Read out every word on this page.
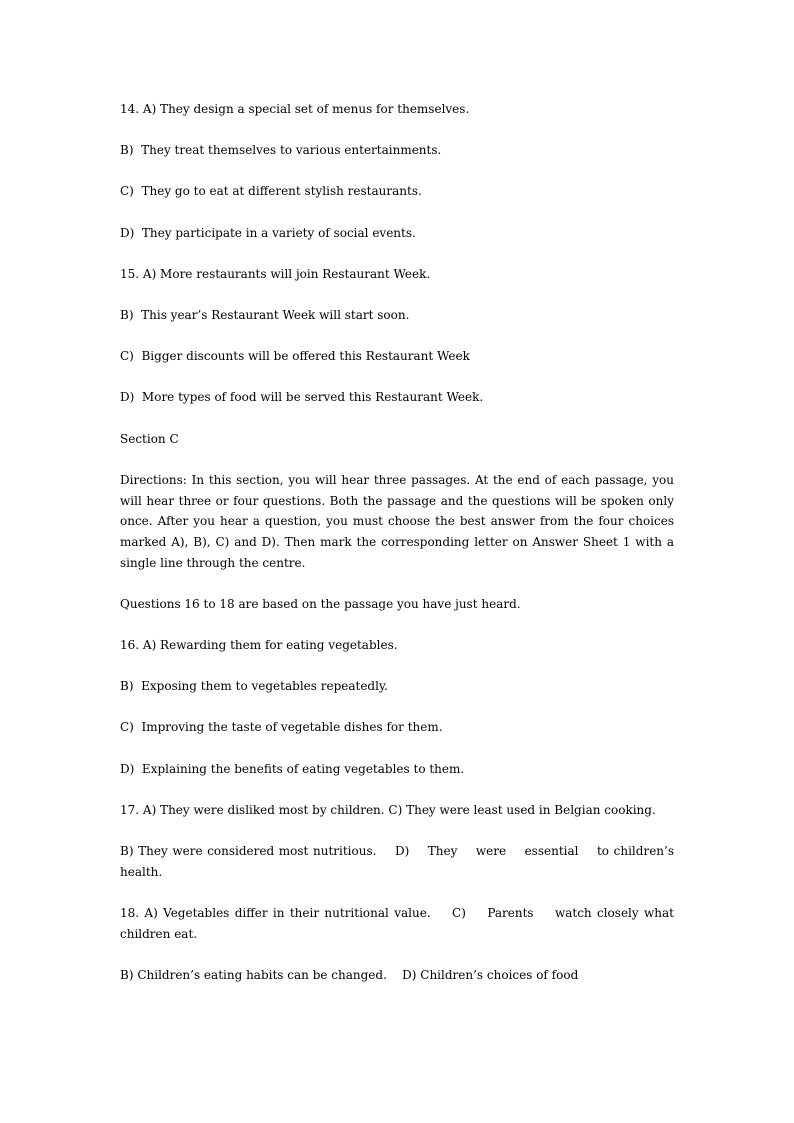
14. A) They design a special set of menus for themselves.

B)  They treat themselves to various entertainments.

C)  They go to eat at different stylish restaurants.

D)  They participate in a variety of social events.

15. A) More restaurants will join Restaurant Week.

B)  This year’s Restaurant Week will start soon.

C)  Bigger discounts will be offered this Restaurant Week

D)  More types of food will be served this Restaurant Week.

Section C

Directions: In this section, you will hear three passages. At the end of each passage, you will hear three or four questions. Both the passage and the questions will be spoken only once. After you hear a question, you must choose the best answer from the four choices marked A), B), C) and D). Then mark the corresponding letter on Answer Sheet 1 with a single line through the centre.

Questions 16 to 18 are based on the passage you have just heard.

16. A) Rewarding them for eating vegetables.

B)  Exposing them to vegetables repeatedly.

C)  Improving the taste of vegetable dishes for them.

D)  Explaining the benefits of eating vegetables to them.

17. A) They were disliked most by children. C) They were least used in Belgian cooking.

B) They were considered most nutritious.    D)    They    were    essential    to children’s health.

18. A) Vegetables differ in their nutritional value.    C)    Parents    watch closely what children eat.

B) Children’s eating habits can be changed.    D) Children’s choices of food
